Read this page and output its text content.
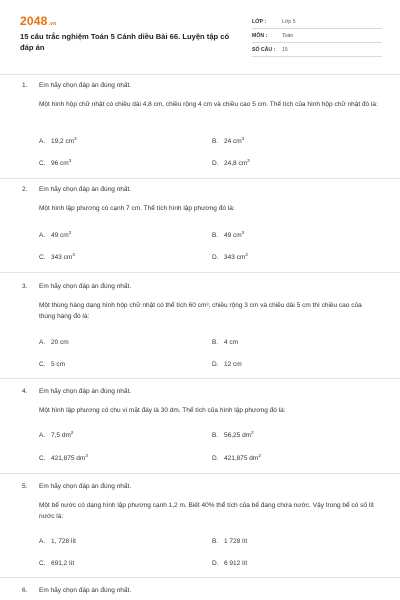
2048.vn
15 câu trắc nghiệm Toán 5 Cánh diều Bài 66. Luyện tập có đáp án
LỚP :	Lớp 5
MÔN :	Toán
SỐ CÂU : 15
1. Em hãy chọn đáp án đúng nhất.
Một hình hộp chữ nhật có chiều dài 4,8 cm, chiều rộng 4 cm và chiều cao 5 cm. Thể tích của hình hộp chữ nhật đó là:
A. 19,2 $cm^3$	B. 24 $cm^3$
C. 96 $cm^3$	D. 24,8 $cm^3$
2. Em hãy chọn đáp án đúng nhất.
Một hình lập phương có cạnh 7 cm. Thể tích hình lập phương đó là:
A. 49 $cm^2$	B. 49 $cm^3$
C. 343 $cm^3$	D. 343 $cm^2$
3. Em hãy chọn đáp án đúng nhất.
Một thùng hàng dạng hình hộp chữ nhật có thể tích 60 cm³, chiều rộng 3 cm và chiều dài 5 cm thì chiều cao của thùng hàng đó là:
A. 20 cm	B. 4 cm
C. 5 cm	D. 12 cm
4. Em hãy chọn đáp án đúng nhất.
Một hình lập phương có chu vi mặt đáy là 30 dm. Thể tích của hình lập phương đó là:
A. 7,5 $dm^2$	B. 56,25 $dm^2$
C. 421,875 $dm^3$	D. 421,875 $dm^2$
5. Em hãy chọn đáp án đúng nhất.
Một bể nước có dạng hình lập phương cạnh 1,2 m. Biết 40% thể tích của bể đang chứa nước. Vậy trong bể có số lít nước là:
A. 1, 728 lít	B. 1 728 lít
C. 691,2 lít	D. 6 912 lít
6. Em hãy chọn đáp án đúng nhất.
